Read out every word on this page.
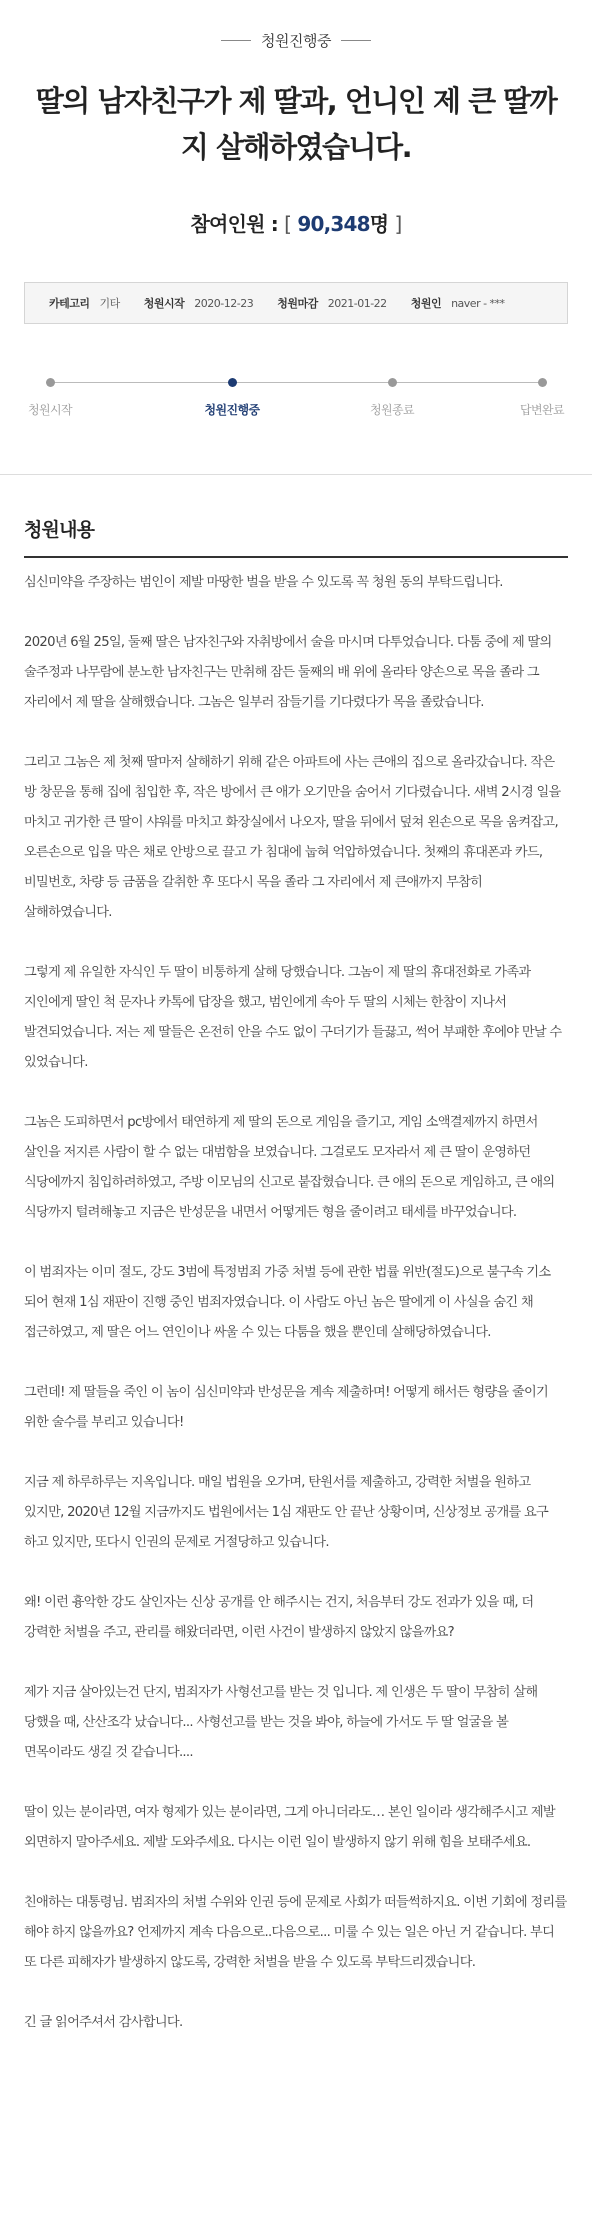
청원진행중
딸의 남자친구가 제 딸과, 언니인 제 큰 딸까지 살해하였습니다.
참여인원 : [ 90,348명 ]
카테고리 기타 청원시작 2020-12-23 청원마감 2021-01-22 청원인 naver - ***
청원시작	청원진행중	청원종료	답변완료
청원내용

심신미약을 주장하는 범인이 제발 마땅한 벌을 받을 수 있도록 꼭 청원 동의 부탁드립니다.

2020년 6월 25일, 둘째 딸은 남자친구와 자취방에서 술을 마시며 다투었습니다. 다툼 중에 제 딸의 술주정과 나무람에 분노한 남자친구는 만취해 잠든 둘째의 배 위에 올라타 양손으로 목을 졸라 그 자리에서 제 딸을 살해했습니다. 그놈은 일부러 잠들기를 기다렸다가 목을 졸랐습니다.

그리고 그놈은 제 첫째 딸마저 살해하기 위해 같은 아파트에 사는 큰애의 집으로 올라갔습니다. 작은 방 창문을 통해 집에 침입한 후, 작은 방에서 큰 애가 오기만을 숨어서 기다렸습니다. 새벽 2시경 일을 마치고 귀가한 큰 딸이 샤워를 마치고 화장실에서 나오자, 딸을 뒤에서 덮쳐 왼손으로 목을 움켜잡고, 오른손으로 입을 막은 채로 안방으로 끌고 가 침대에 눕혀 억압하였습니다. 첫째의 휴대폰과 카드, 비밀번호, 차량 등 금품을 갈취한 후 또다시 목을 졸라 그 자리에서 제 큰애까지 무참히 살해하였습니다.

그렇게 제 유일한 자식인 두 딸이 비통하게 살해 당했습니다. 그놈이 제 딸의 휴대전화로 가족과 지인에게 딸인 척 문자나 카톡에 답장을 했고, 범인에게 속아 두 딸의 시체는 한참이 지나서 발견되었습니다. 저는 제 딸들은 온전히 안을 수도 없이 구더기가 들끓고, 썩어 부패한 후에야 만날 수 있었습니다.

그놈은 도피하면서 pc방에서 태연하게 제 딸의 돈으로 게임을 즐기고, 게임 소액결제까지 하면서 살인을 저지른 사람이 할 수 없는 대범함을 보였습니다. 그걸로도 모자라서 제 큰 딸이 운영하던 식당에까지 침입하려하였고, 주방 이모님의 신고로 붙잡혔습니다. 큰 애의 돈으로 게임하고, 큰 애의 식당까지 털려해놓고 지금은 반성문을 내면서 어떻게든 형을 줄이려고 태세를 바꾸었습니다.

이 범죄자는 이미 절도, 강도 3범에 특정범죄 가중 처벌 등에 관한 법률 위반(절도)으로 불구속 기소 되어 현재 1심 재판이 진행 중인 범죄자였습니다. 이 사람도 아닌 놈은 딸에게 이 사실을 숨긴 채 접근하였고, 제 딸은 어느 연인이나 싸울 수 있는 다툼을 했을 뿐인데 살해당하였습니다.

그런데! 제 딸들을 죽인 이 놈이 심신미약과 반성문을 계속 제출하며! 어떻게 해서든 형량을 줄이기 위한 술수를 부리고 있습니다!

지금 제 하루하루는 지옥입니다. 매일 법원을 오가며, 탄원서를 제출하고, 강력한 처벌을 원하고 있지만, 2020년 12월 지금까지도 법원에서는 1심 재판도 안 끝난 상황이며, 신상정보 공개를 요구 하고 있지만, 또다시 인권의 문제로 거절당하고 있습니다.

왜! 이런 흉악한 강도 살인자는 신상 공개를 안 해주시는 건지, 처음부터 강도 전과가 있을 때, 더 강력한 처벌을 주고, 관리를 해왔더라면, 이런 사건이 발생하지 않았지 않을까요?

제가 지금 살아있는건 단지, 범죄자가 사형선고를 받는 것 입니다. 제 인생은 두 딸이 무참히 살해 당했을 때, 산산조각 났습니다... 사형선고를 받는 것을 봐야, 하늘에 가서도 두 딸 얼굴을 볼 면목이라도 생길 것 같습니다....

딸이 있는 분이라면, 여자 형제가 있는 분이라면, 그게 아니더라도… 본인 일이라 생각해주시고 제발 외면하지 말아주세요. 제발 도와주세요. 다시는 이런 일이 발생하지 않기 위해 힘을 보태주세요.

친애하는 대통령님. 범죄자의 처벌 수위와 인권 등에 문제로 사회가 떠들썩하지요. 이번 기회에 정리를 해야 하지 않을까요? 언제까지 계속 다음으로..다음으로... 미룰 수 있는 일은 아닌 거 같습니다. 부디 또 다른 피해자가 발생하지 않도록, 강력한 처벌을 받을 수 있도록 부탁드리겠습니다.

긴 글 읽어주셔서 감사합니다.
